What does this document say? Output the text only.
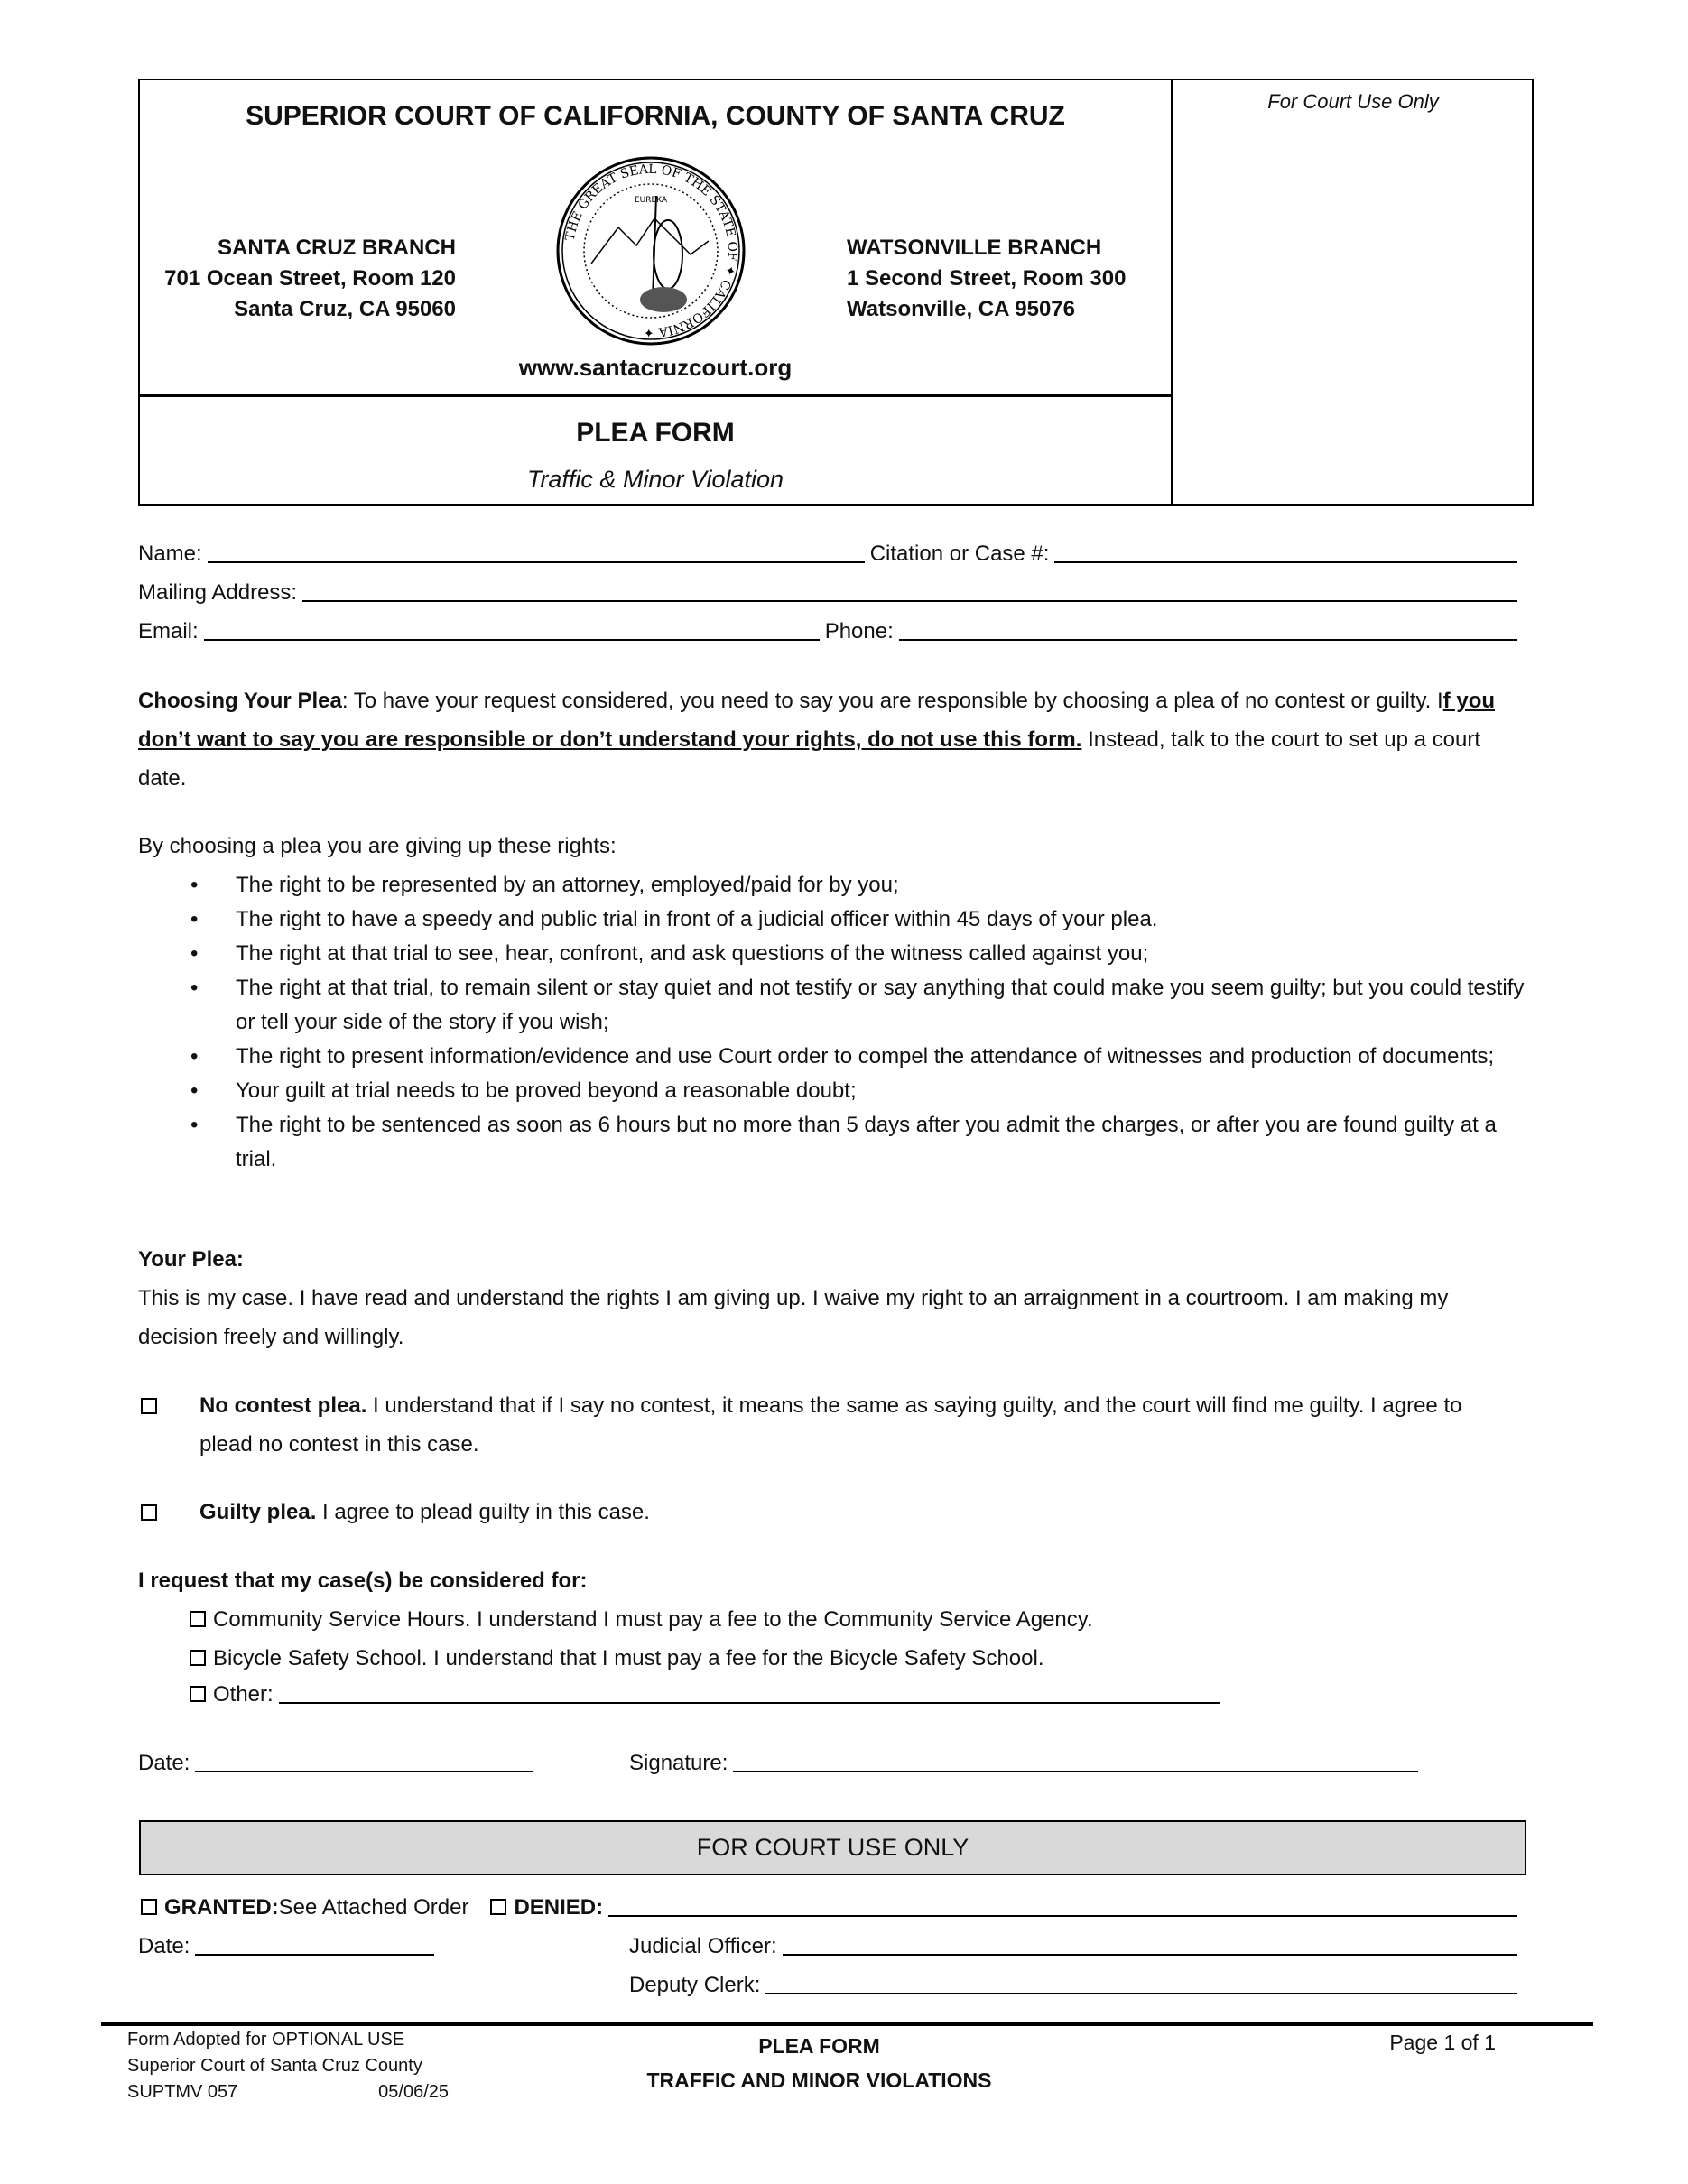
SUPERIOR COURT OF CALIFORNIA, COUNTY OF SANTA CRUZ	For Court Use Only
SANTA CRUZ BRANCH
701 Ocean Street, Room 120
Santa Cruz, CA 95060
WATSONVILLE BRANCH
1 Second Street, Room 300
Watsonville, CA 95076
THE GREAT SEAL OF THE STATE OF ✦ CALIFORNIA ✦
EUREKA
www.santacruzcourt.org
PLEA FORM
Traffic & Minor Violation
Name:	Citation or Case #:
Mailing Address:
Email:	Phone:
Choosing Your Plea: To have your request considered, you need to say you are responsible by choosing a plea of no contest or guilty. If you don’t want to say you are responsible or don’t understand your rights, do not use this form. Instead, talk to the court to set up a court date.
By choosing a plea you are giving up these rights:
• The right to be represented by an attorney, employed/paid for by you;
• The right to have a speedy and public trial in front of a judicial officer within 45 days of your plea.
• The right at that trial to see, hear, confront, and ask questions of the witness called against you;
• The right at that trial, to remain silent or stay quiet and not testify or say anything that could make you seem guilty; but you could testify or tell your side of the story if you wish;
• The right to present information/evidence and use Court order to compel the attendance of witnesses and production of documents;
• Your guilt at trial needs to be proved beyond a reasonable doubt;
• The right to be sentenced as soon as 6 hours but no more than 5 days after you admit the charges, or after you are found guilty at a trial.
Your Plea:
This is my case. I have read and understand the rights I am giving up. I waive my right to an arraignment in a courtroom. I am making my decision freely and willingly.
No contest plea. I understand that if I say no contest, it means the same as saying guilty, and the court will find me guilty. I agree to plead no contest in this case.
Guilty plea. I agree to plead guilty in this case.
I request that my case(s) be considered for:
Community Service Hours. I understand I must pay a fee to the Community Service Agency.
Bicycle Safety School. I understand that I must pay a fee for the Bicycle Safety School.
Other:
Date:	Signature:
FOR COURT USE ONLY
GRANTED: See Attached Order DENIED:
Date:	Judicial Officer:
Deputy Clerk:
Form Adopted for OPTIONAL USE
Superior Court of Santa Cruz County
SUPTMV 057	05/06/25
PLEA FORM
TRAFFIC AND MINOR VIOLATIONS
Page 1 of 1
